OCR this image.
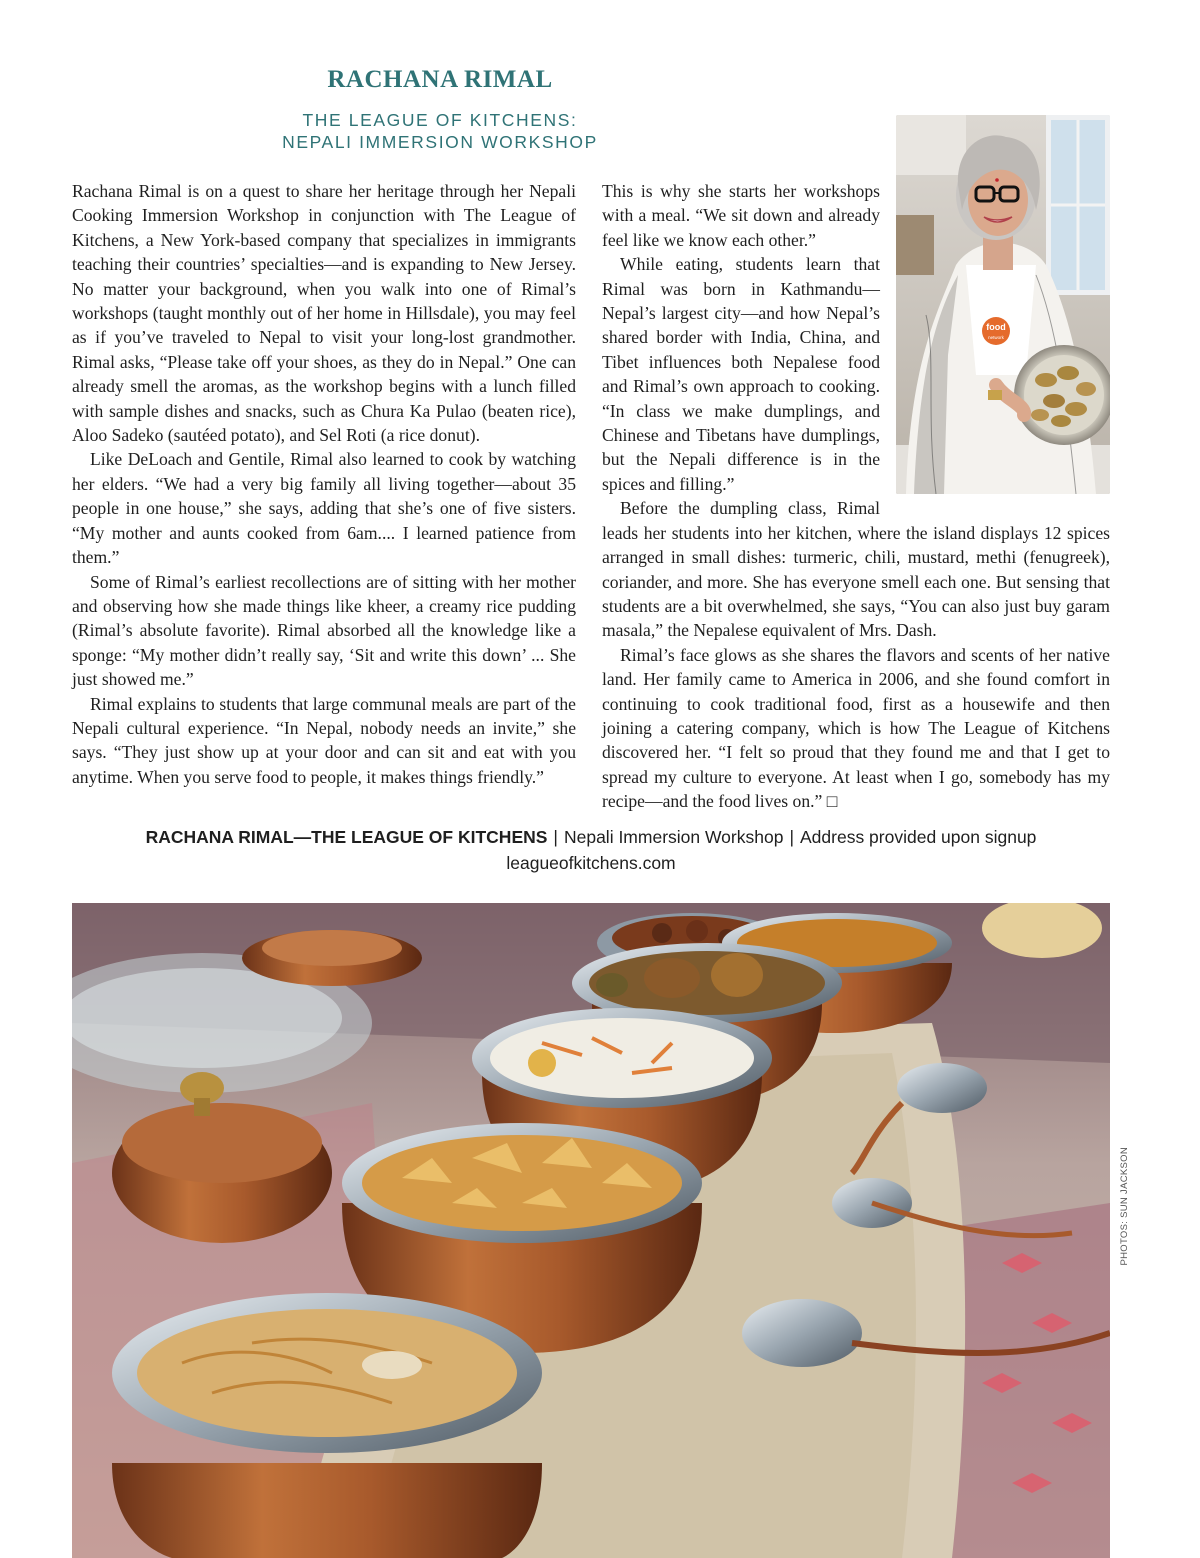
RACHANA RIMAL
THE LEAGUE OF KITCHENS:
NEPALI IMMERSION WORKSHOP

Rachana Rimal is on a quest to share her heritage through her Nepali Cooking Immersion Workshop in conjunction with The League of Kitchens, a New York-based company that specializes in immigrants teaching their countries’ specialties—and is expanding to New Jersey. No matter your background, when you walk into one of Rimal’s workshops (taught monthly out of her home in Hillsdale), you may feel as if you’ve traveled to Nepal to visit your long-lost grandmother. Rimal asks, “Please take off your shoes, as they do in Nepal.” One can already smell the aromas, as the workshop begins with a lunch filled with sample dishes and snacks, such as Chura Ka Pulao (beaten rice), Aloo Sadeko (sautéed potato), and Sel Roti (a rice donut).

Like DeLoach and Gentile, Rimal also learned to cook by watching her elders. “We had a very big family all living together—about 35 people in one house,” she says, adding that she’s one of five sisters. “My mother and aunts cooked from 6am.... I learned patience from them.”

Some of Rimal’s earliest recollections are of sitting with her mother and observing how she made things like kheer, a creamy rice pudding (Rimal’s absolute favorite). Rimal absorbed all the knowledge like a sponge: “My mother didn’t really say, ‘Sit and write this down’ ... She just showed me.”

Rimal explains to students that large communal meals are part of the Nepali cultural experience. “In Nepal, nobody needs an invite,” she says. “They just show up at your door and can sit and eat with you anytime. When you serve food to people, it makes things friendly.”

This is why she starts her workshops with a meal. “We sit down and already feel like we know each other.”

While eating, students learn that Rimal was born in Kathmandu—Nepal’s largest city—and how Nepal’s shared border with India, China, and Tibet influences both Nepalese food and Rimal’s own approach to cooking. “In class we make dumplings, and Chinese and Tibetans have dumplings, but the Nepali difference is in the spices and filling.”

Before the dumpling class, Rimal leads her students into her kitchen, where the island displays 12 spices arranged in small dishes: turmeric, chili, mustard, methi (fenugreek), coriander, and more. She has everyone smell each one. But sensing that students are a bit overwhelmed, she says, “You can also just buy garam masala,” the Nepalese equivalent of Mrs. Dash.

Rimal’s face glows as she shares the flavors and scents of her native land. Her family came to America in 2006, and she found comfort in continuing to cook traditional food, first as a housewife and then joining a catering company, which is how The League of Kitchens discovered her. “I felt so proud that they found me and that I get to spread my culture to everyone. At least when I go, somebody has my recipe—and the food lives on.” □

food
network
RACHANA RIMAL—THE LEAGUE OF KITCHENS | Nepali Immersion Workshop | Address provided upon signup
leagueofkitchens.com
PHOTOS: SUN JACKSON
